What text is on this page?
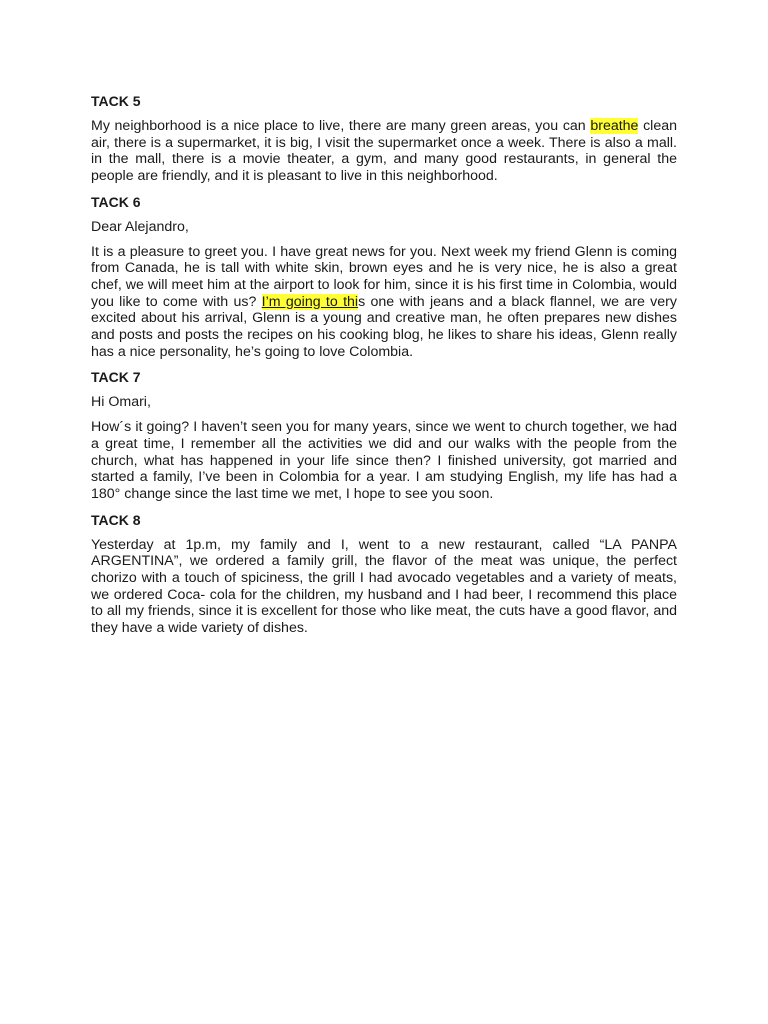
TACK 5

My neighborhood is a nice place to live, there are many green areas, you can breathe clean air, there is a supermarket, it is big, I visit the supermarket once a week. There is also a mall. in the mall, there is a movie theater, a gym, and many good restaurants, in general the people are friendly, and it is pleasant to live in this neighborhood.

TACK 6

Dear Alejandro,

It is a pleasure to greet you. I have great news for you. Next week my friend Glenn is coming from Canada, he is tall with white skin, brown eyes and he is very nice, he is also a great chef, we will meet him at the airport to look for him, since it is his first time in Colombia, would you like to come with us? I’m going to this one with jeans and a black flannel, we are very excited about his arrival, Glenn is a young and creative man, he often prepares new dishes and posts and posts the recipes on his cooking blog, he likes to share his ideas, Glenn really has a nice personality, he’s going to love Colombia.

TACK 7

Hi Omari,

How´s it going? I haven’t seen you for many years, since we went to church together, we had a great time, I remember all the activities we did and our walks with the people from the church, what has happened in your life since then? I finished university, got married and started a family, I’ve been in Colombia for a year. I am studying English, my life has had a 180° change since the last time we met, I hope to see you soon.

TACK 8

Yesterday at 1p.m, my family and I, went to a new restaurant, called “LA PANPA ARGENTINA”, we ordered a family grill, the flavor of the meat was unique, the perfect chorizo with a touch of spiciness, the grill I had avocado vegetables and a variety of meats, we ordered Coca- cola for the children, my husband and I had beer, I recommend this place to all my friends, since it is excellent for those who like meat, the cuts have a good flavor, and they have a wide variety of dishes.
